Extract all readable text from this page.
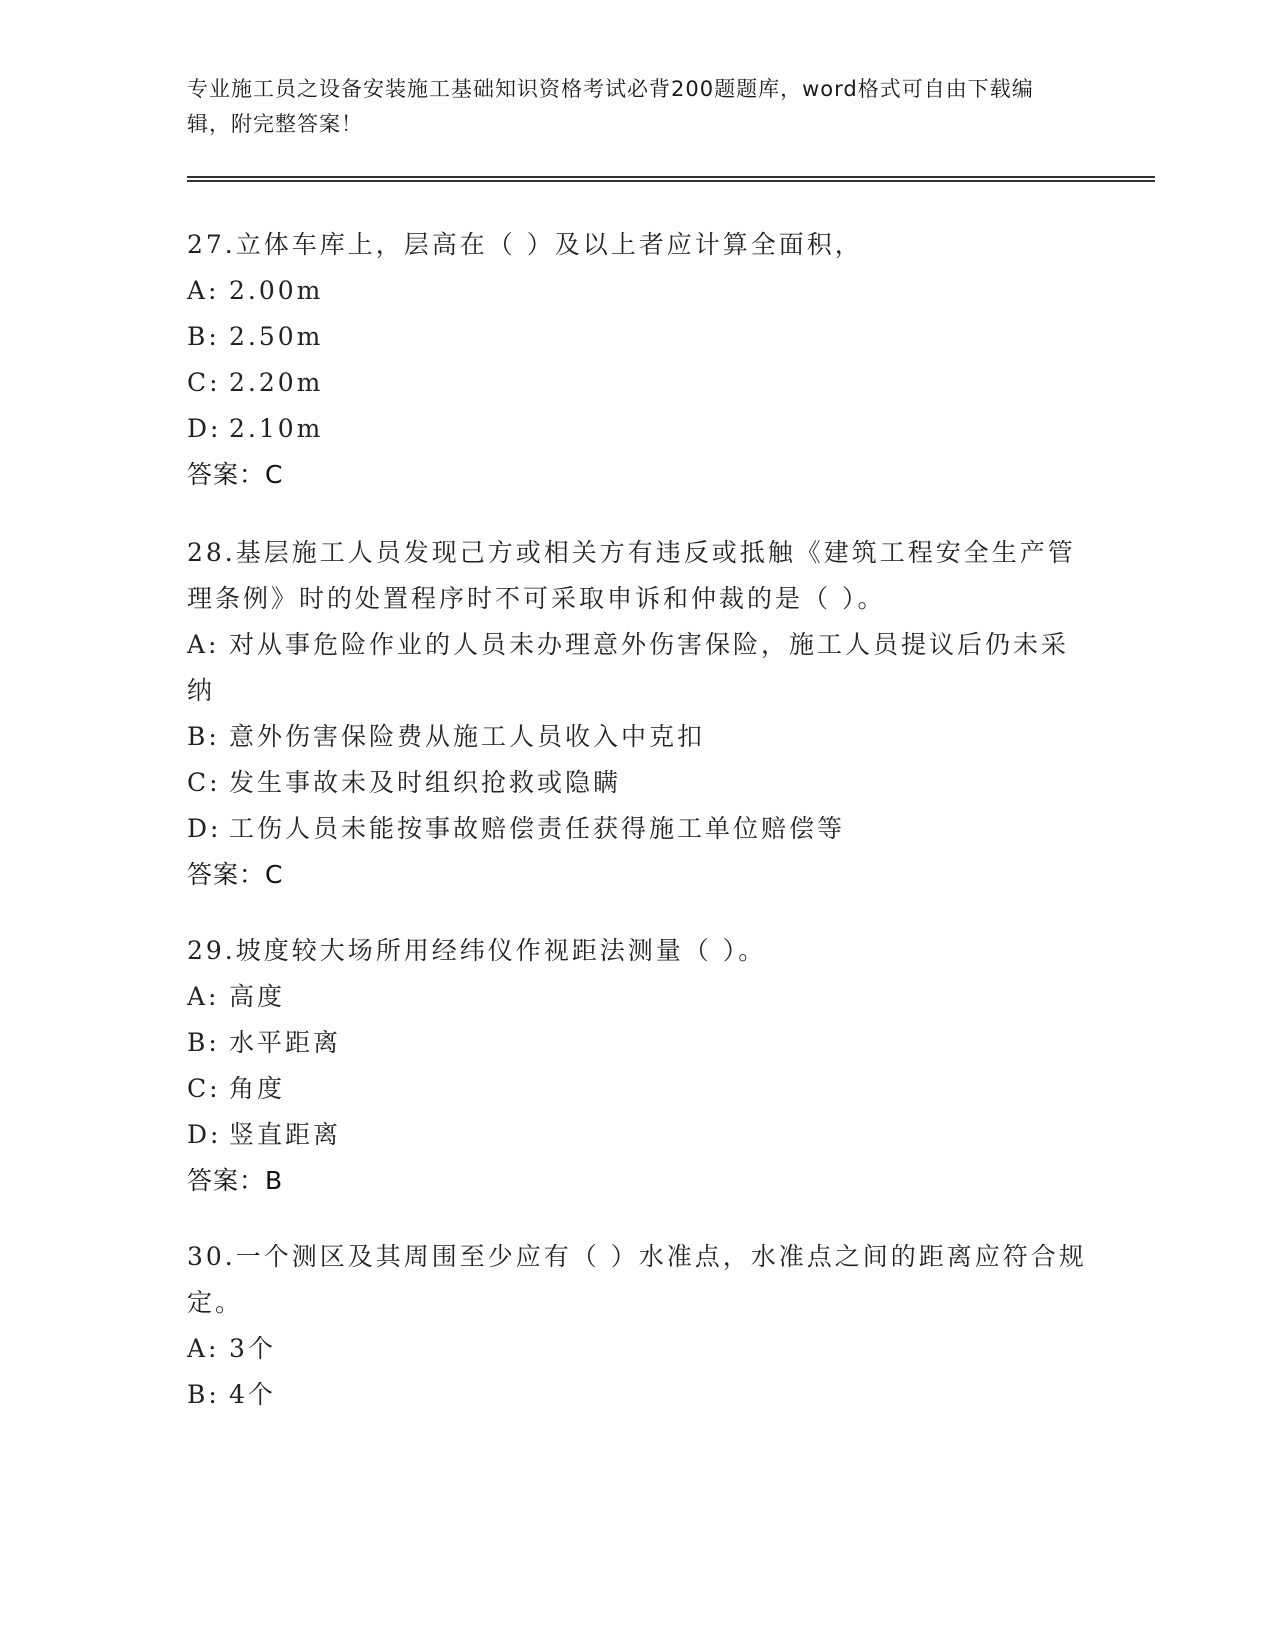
专业施工员之设备安装施工基础知识资格考试必背200题题库，word格式可自由下载编辑，附完整答案！

27.立体车库上，层高在（ ）及以上者应计算全面积，

A: 2.00m

B: 2.50m

C: 2.20m

D: 2.10m

答案：C

28.基层施工人员发现己方或相关方有违反或抵触《建筑工程安全生产管理条例》时的处置程序时不可采取申诉和仲裁的是（ ）。

A: 对从事危险作业的人员未办理意外伤害保险，施工人员提议后仍未采纳

B: 意外伤害保险费从施工人员收入中克扣

C: 发生事故未及时组织抢救或隐瞒

D: 工伤人员未能按事故赔偿责任获得施工单位赔偿等

答案：C

29.坡度较大场所用经纬仪作视距法测量（ ）。

A: 高度

B: 水平距离

C: 角度

D: 竖直距离

答案：B

30.一个测区及其周围至少应有（ ）水准点，水准点之间的距离应符合规定。

A: 3个

B: 4个
